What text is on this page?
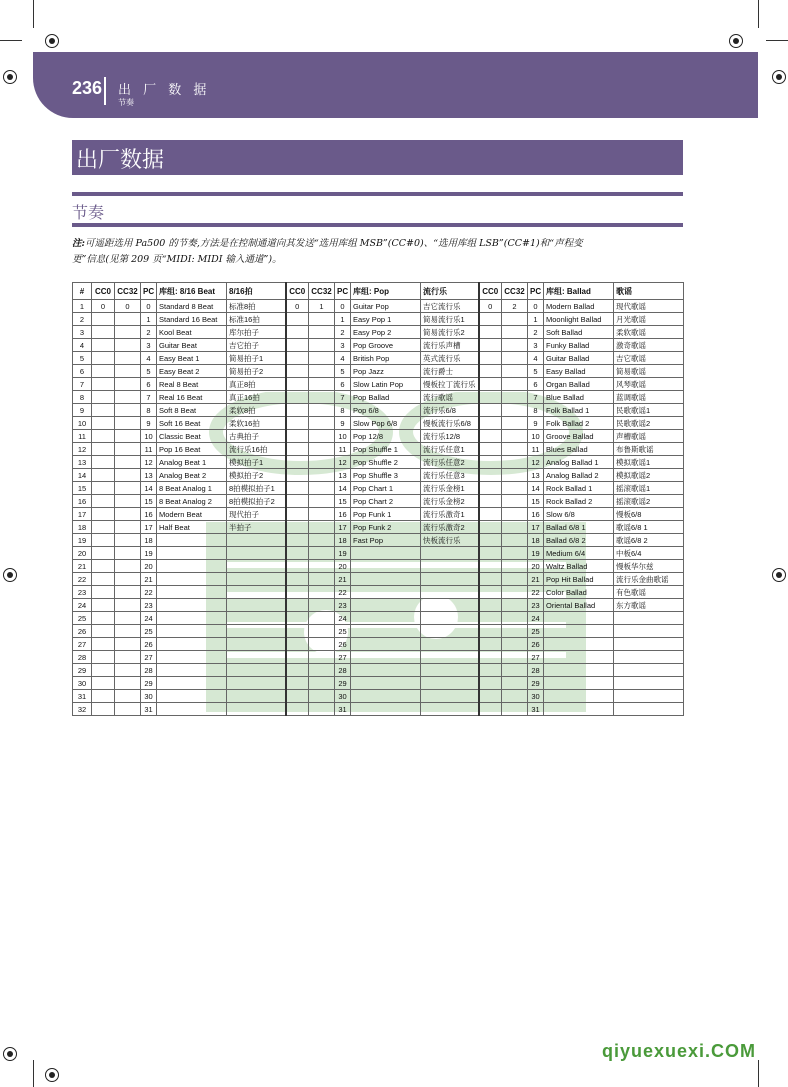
236 出 厂 数 据
节奏
出厂数据
节奏
注:可遥距选用 Pa500 的节奏,方法是在控制通道向其发送“选用库组 MSB”(CC#0)、“选用库组 LSB”(CC#1)和“声程变
更”信息(见第 209 页“MIDI: MIDI 输入通道”)。
#	CC0	CC32	PC	库组: 8/16 Beat	8/16拍	CC0	CC32	PC	库组: Pop	流行乐	CC0	CC32	PC	库组: Ballad	歌谣
1	0	0	0	Standard 8 Beat	标准8拍	0	1	0	Guitar Pop	吉它流行乐	0	2	0	Modern Ballad	现代歌谣
2			1	Standard 16 Beat	标准16拍			1	Easy Pop 1	简易流行乐1			1	Moonlight Ballad	月光歌谣
3			2	Kool Beat	库尔拍子			2	Easy Pop 2	简易流行乐2			2	Soft Ballad	柔软歌谣
4			3	Guitar Beat	吉它拍子			3	Pop Groove	流行乐声槽			3	Funky Ballad	激奇歌谣
5			4	Easy Beat 1	简易拍子1			4	British Pop	英式流行乐			4	Guitar Ballad	吉它歌谣
6			5	Easy Beat 2	简易拍子2			5	Pop Jazz	流行爵士			5	Easy Ballad	简易歌谣
7			6	Real 8 Beat	真正8拍			6	Slow Latin Pop	慢板拉丁流行乐			6	Organ Ballad	风琴歌谣
8			7	Real 16 Beat	真正16拍			7	Pop Ballad	流行歌谣			7	Blue Ballad	蓝调歌谣
9			8	Soft 8 Beat	柔软8拍			8	Pop 6/8	流行乐6/8			8	Folk Ballad 1	民歌歌谣1
10			9	Soft 16 Beat	柔软16拍			9	Slow Pop 6/8	慢板流行乐6/8			9	Folk Ballad 2	民歌歌谣2
11			10	Classic Beat	古典拍子			10	Pop 12/8	流行乐12/8			10	Groove Ballad	声槽歌谣
12			11	Pop 16 Beat	流行乐16拍			11	Pop Shuffle 1	流行乐任意1			11	Blues Ballad	布鲁斯歌谣
13			12	Analog Beat 1	模拟拍子1			12	Pop Shuffle 2	流行乐任意2			12	Analog Ballad 1	模拟歌谣1
14			13	Analog Beat 2	模拟拍子2			13	Pop Shuffle 3	流行乐任意3			13	Analog Ballad 2	模拟歌谣2
15			14	8 Beat Analog 1	8拍模拟拍子1			14	Pop Chart 1	流行乐金榜1			14	Rock Ballad 1	摇滚歌谣1
16			15	8 Beat Analog 2	8拍模拟拍子2			15	Pop Chart 2	流行乐金榜2			15	Rock Ballad 2	摇滚歌谣2
17			16	Modern Beat	现代拍子			16	Pop Funk 1	流行乐激奇1			16	Slow 6/8	慢板6/8
18			17	Half Beat	半拍子			17	Pop Funk 2	流行乐激奇2			17	Ballad 6/8 1	歌谣6/8 1
19			18					18	Fast Pop	快板流行乐			18	Ballad 6/8 2	歌谣6/8 2
20			19					19					19	Medium 6/4	中板6/4
21			20					20					20	Waltz Ballad	慢板华尔兹
22			21					21					21	Pop Hit Ballad	流行乐金曲歌谣
23			22					22					22	Color Ballad	有色歌谣
24			23					23					23	Oriental Ballad	东方歌谣
25			24					24					24		
26			25					25					25		
27			26					26					26		
28			27					27					27		
29			28					28					28		
30			29					29					29		
31			30					30					30		
32			31					31					31		
qiyuexuexi.COM
